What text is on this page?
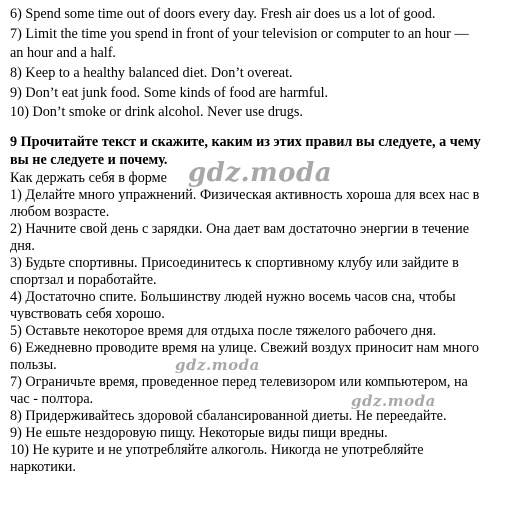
6) Spend some time out of doors every day. Fresh air does us a lot of good.

7) Limit the time you spend in front of your television or computer to an hour —

an hour and a half.

8) Keep to a healthy balanced diet. Don’t overeat.

9) Don’t eat junk food. Some kinds of food are harmful.

10) Don’t smoke or drink alcohol. Never use drugs.

9 Прочитайте текст и скажите, каким из этих правил вы следуете, а чему

вы не следуете и почему.

Как держать себя в форме

1) Делайте много упражнений. Физическая активность хороша для всех нас в

любом возрасте.

2) Начните свой день с зарядки. Она дает вам достаточно энергии в течение

дня.

3) Будьте спортивны. Присоединитесь к спортивному клубу или зайдите в

спортзал и поработайте.

4) Достаточно спите. Большинству людей нужно восемь часов сна, чтобы

чувствовать себя хорошо.

5) Оставьте некоторое время для отдыха после тяжелого рабочего дня.

6) Ежедневно проводите время на улице. Свежий воздух приносит нам много

пользы.

7) Ограничьте время, проведенное перед телевизором или компьютером, на

час - полтора.

8) Придерживайтесь здоровой сбалансированной диеты. Не переедайте.

9) Не ешьте нездоровую пищу. Некоторые виды пищи вредны.

10) Не курите и не употребляйте алкоголь. Никогда не употребляйте

наркотики.

gdz.moda
gdz.moda
gdz.moda
